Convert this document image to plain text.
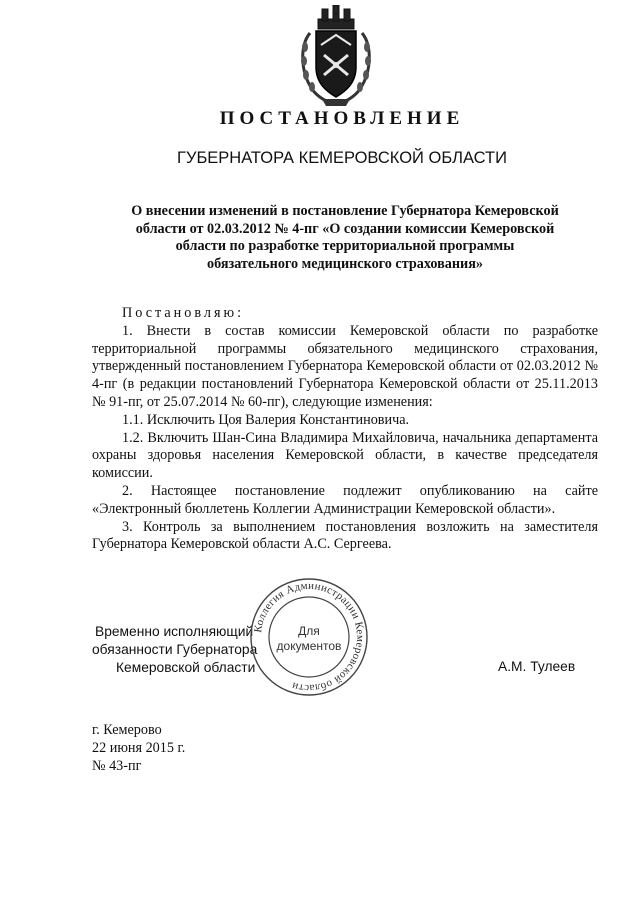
ПОСТАНОВЛЕНИЕ
ГУБЕРНАТОРА КЕМЕРОВСКОЙ ОБЛАСТИ
О внесении изменений в постановление Губернатора Кемеровской
области от 02.03.2012 № 4-пг «О создании комиссии Кемеровской
области по разработке территориальной программы
обязательного медицинского страхования»

Постановляю:

1. Внести в состав комиссии Кемеровской области по разработке территориальной программы обязательного медицинского страхования, утвержденный постановлением Губернатора Кемеровской области от 02.03.2012 № 4-пг (в редакции постановлений Губернатора Кемеровской области от 25.11.2013 № 91-пг, от 25.07.2014 № 60-пг), следующие изменения:

1.1. Исключить Цоя Валерия Константиновича.

1.2. Включить Шан-Сина Владимира Михайловича, начальника департамента охраны здоровья населения Кемеровской области, в качестве председателя комиссии.

2. Настоящее постановление подлежит опубликованию на сайте «Электронный бюллетень Коллегии Администрации Кемеровской области».

3. Контроль за выполнением постановления возложить на заместителя Губернатора Кемеровской области А.С. Сергеева.

Временно исполняющий
обязанности Губернатора
Кемеровской области
Коллегия Администрации Кемеровской области
Для
документов
А.М. Тулеев
г. Кемерово
22 июня 2015 г.
№ 43-пг
